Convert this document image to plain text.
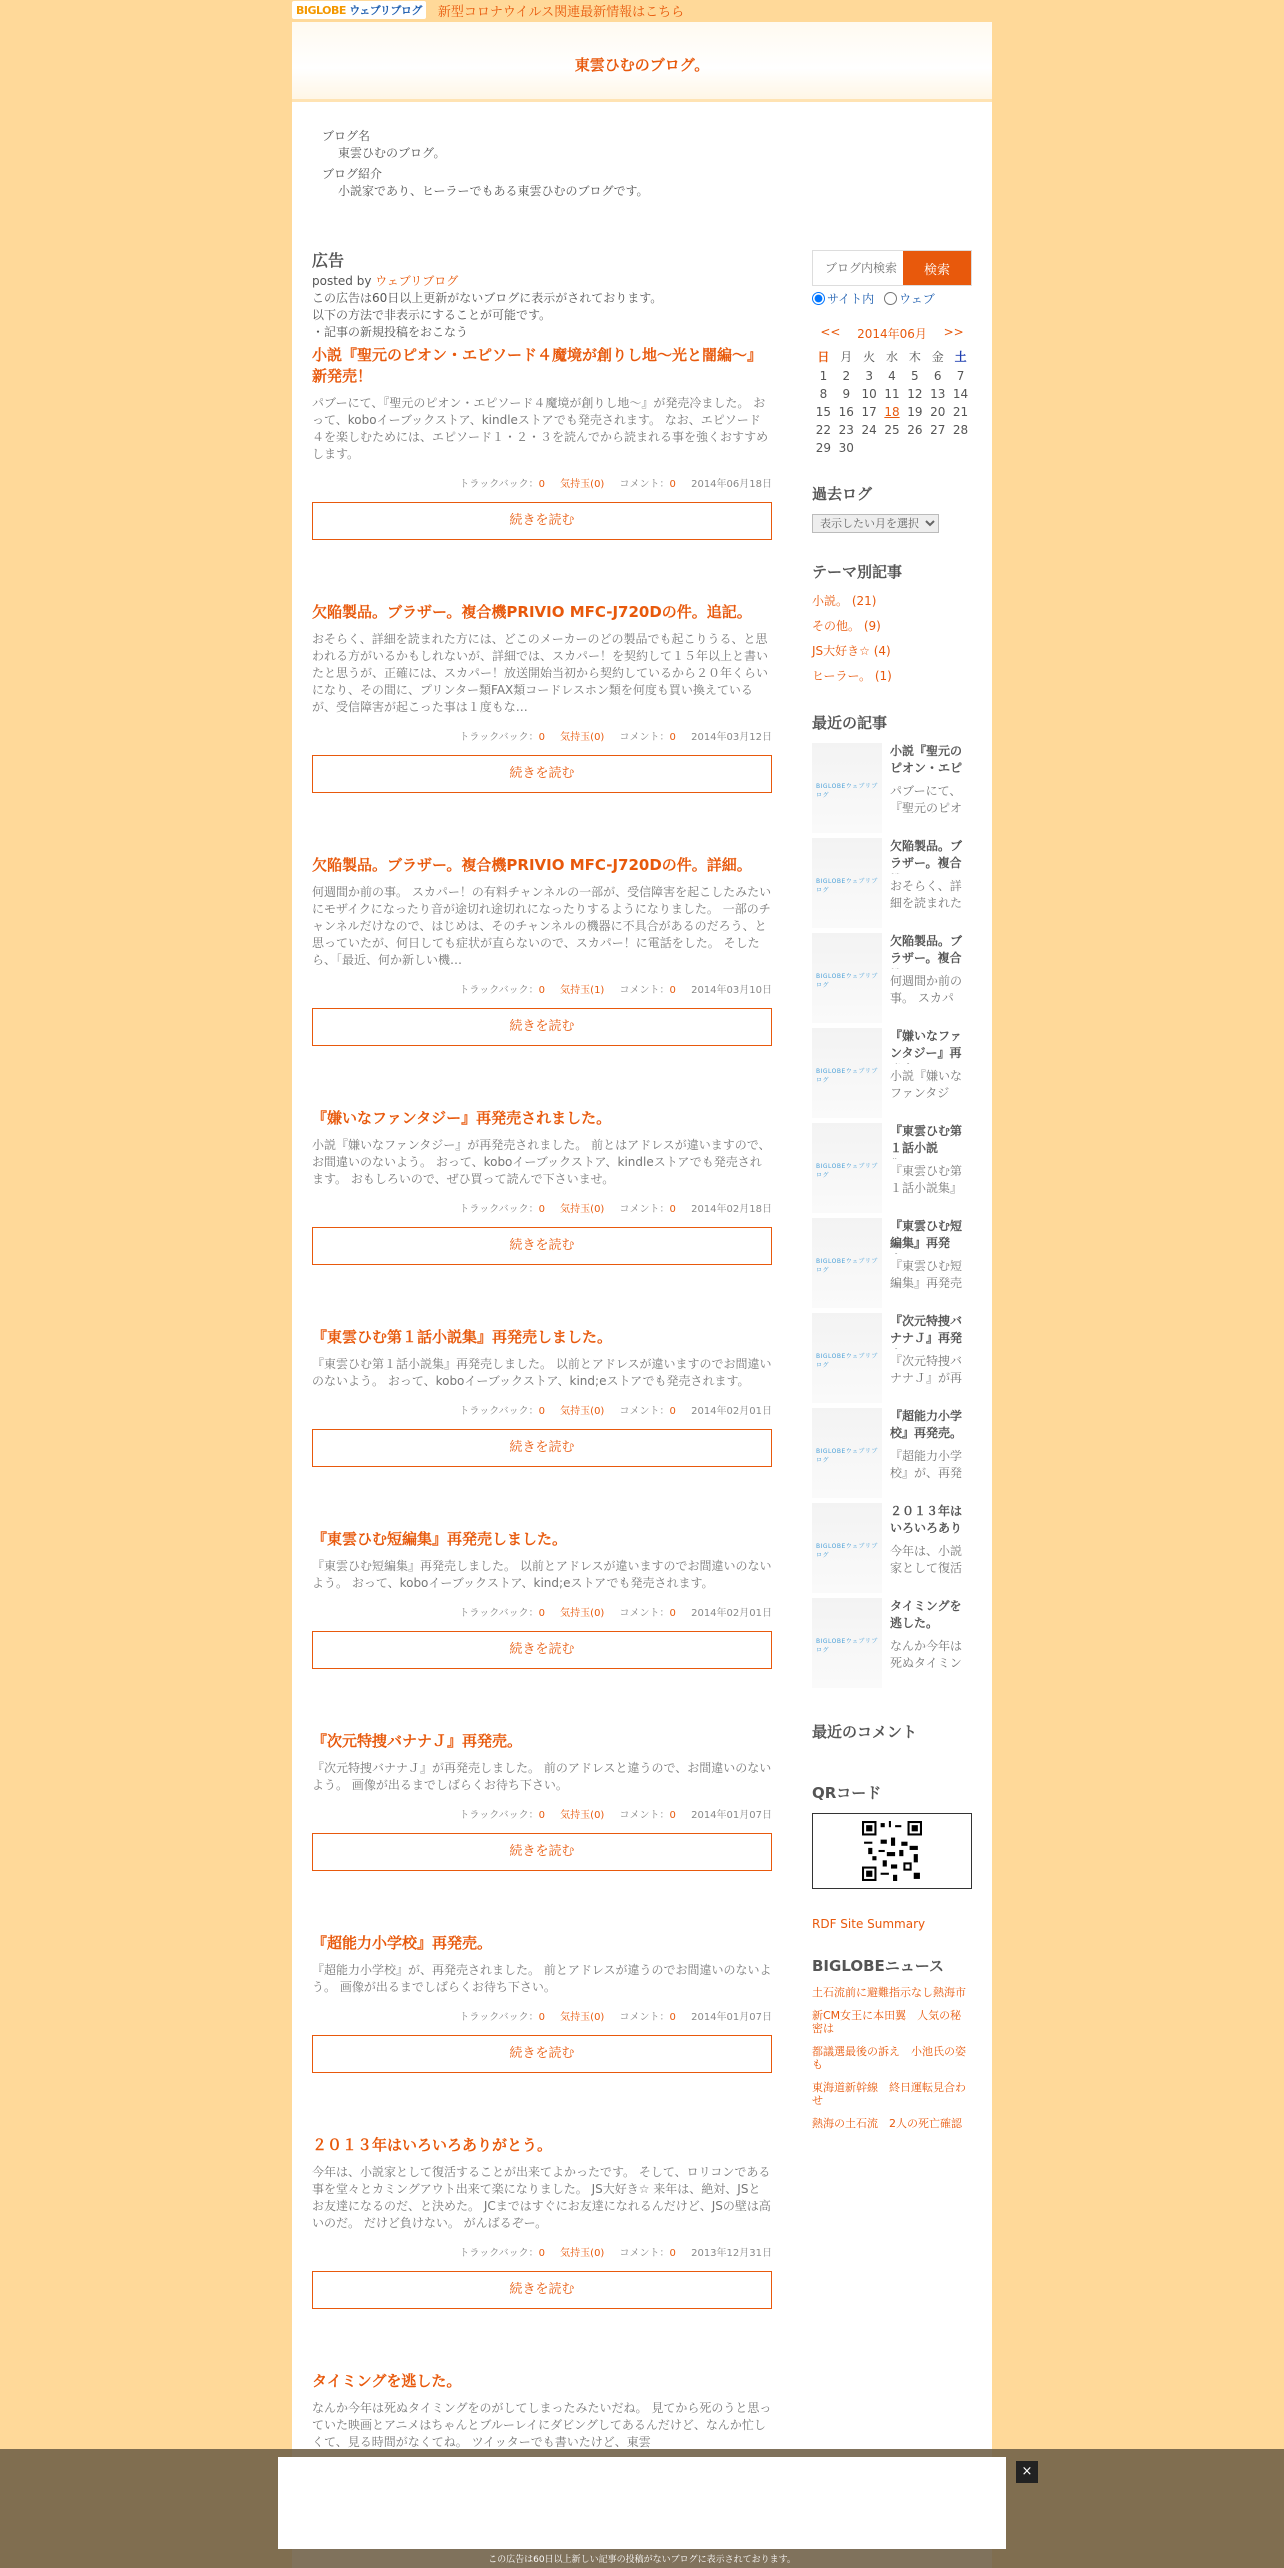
BIGLOBE ウェブリブログ	新型コロナウイルス関連最新情報はこちら
東雲ひむのブログ。
ブログ名
東雲ひむのブログ。
ブログ紹介
小説家であり、ヒーラーでもある東雲ひむのブログです。
広告
posted by ウェブリブログ
この広告は60日以上更新がないブログに表示がされております。
以下の方法で非表示にすることが可能です。
・記事の新規投稿をおこなう
小説『聖元のピオン・エピソード４魔境が創りし地～光と闇編～』新発売！
パブーにて、『聖元のピオン・エピソード４魔境が創りし地～』が発売冷ました。 おって、koboイーブックストア、kindleストアでも発売されます。 なお、エピソード４を楽しむためには、エピソード１・２・３を読んでから読まれる事を強くおすすめします。
トラックバック：0 気持玉(0) コメント：0 2014年06月18日
続きを読む
欠陥製品。ブラザー。複合機PRIVIO MFC-J720Dの件。追記。
おそらく、詳細を読まれた方には、どこのメーカーのどの製品でも起こりうる、と思われる方がいるかもしれないが、詳細では、スカパー！を契約して１５年以上と書いたと思うが、正確には、スカパー！放送開始当初から契約しているから２０年くらいになり、その間に、プリンター類FAX類コードレスホン類を何度も買い換えているが、受信障害が起こった事は１度もな…
トラックバック：0 気持玉(0) コメント：0 2014年03月12日
続きを読む
欠陥製品。ブラザー。複合機PRIVIO MFC-J720Dの件。詳細。
何週間か前の事。 スカパー！の有料チャンネルの一部が、受信障害を起こしたみたいにモザイクになったり音が途切れ途切れになったりするようになりました。 一部のチャンネルだけなので、はじめは、そのチャンネルの機器に不具合があるのだろう、と思っていたが、何日しても症状が直らないので、スカパー！に電話をした。 そしたら、「最近、何か新しい機…
トラックバック：0 気持玉(1) コメント：0 2014年03月10日
続きを読む
『嫌いなファンタジー』再発売されました。
小説『嫌いなファンタジー』が再発売されました。 前とはアドレスが違いますので、お間違いのないよう。 おって、koboイーブックストア、kindleストアでも発売されます。 おもしろいので、ぜひ買って読んで下さいませ。
トラックバック：0 気持玉(0) コメント：0 2014年02月18日
続きを読む
『東雲ひむ第１話小説集』再発売しました。
『東雲ひむ第１話小説集』再発売しました。 以前とアドレスが違いますのでお間違いのないよう。 おって、koboイーブックストア、kind;eストアでも発売されます。
トラックバック：0 気持玉(0) コメント：0 2014年02月01日
続きを読む
『東雲ひむ短編集』再発売しました。
『東雲ひむ短編集』再発売しました。 以前とアドレスが違いますのでお間違いのないよう。 おって、koboイーブックストア、kind;eストアでも発売されます。
トラックバック：0 気持玉(0) コメント：0 2014年02月01日
続きを読む
『次元特捜バナナＪ』再発売。
『次元特捜バナナＪ』が再発売しました。 前のアドレスと違うので、お間違いのないよう。 画像が出るまでしばらくお待ち下さい。
トラックバック：0 気持玉(0) コメント：0 2014年01月07日
続きを読む
『超能力小学校』再発売。
『超能力小学校』が、再発売されました。 前とアドレスが違うのでお間違いのないよう。 画像が出るまでしばらくお待ち下さい。
トラックバック：0 気持玉(0) コメント：0 2014年01月07日
続きを読む
２０１３年はいろいろありがとう。
今年は、小説家として復活することが出来てよかったです。 そして、ロリコンである事を堂々とカミングアウト出来て楽になりました。 JS大好き☆ 来年は、絶対、JSとお友達になるのだ、と決めた。 JCまではすぐにお友達になれるんだけど、JSの壁は高いのだ。 だけど負けない。 がんばるぞー。
トラックバック：0 気持玉(0) コメント：0 2013年12月31日
続きを読む
タイミングを逃した。
なんか今年は死ぬタイミングをのがしてしまったみたいだね。 見てから死のうと思っていた映画とアニメはちゃんとブルーレイにダビングしてあるんだけど、なんか忙しくて、見る時間がなくてね。 ツイッターでも書いたけど、東雲
ブログ内検索
検索
サイト内 ウェブ
<< 2014年06月 >>
日 月 火 水 木 金 土
1	2	3	4	5	6	7
8	9 10 11 12 13 14
15 16 17 18 19 20 21
22 23 24 25 26 27 28
29 30
過去ログ
表示したい月を選択
テーマ別記事
小説。 (21)
その他。 (9)
JS大好き☆ (4)
ヒーラー。 (1)
最近の記事
BIGLOBEウェブリブログ
小説『聖元のピオン・エピ
パブーにて、『聖元のピオ
BIGLOBEウェブリブログ
欠陥製品。ブラザー。複合
おそらく、詳細を読まれた
BIGLOBEウェブリブログ
欠陥製品。ブラザー。複合
何週間か前の事。 スカパ
BIGLOBEウェブリブログ
『嫌いなファンタジー』再
小説『嫌いなファンタジ
BIGLOBEウェブリブログ
『東雲ひむ第１話小説
『東雲ひむ第１話小説集』
BIGLOBEウェブリブログ
『東雲ひむ短編集』再発
『東雲ひむ短編集』再発売
BIGLOBEウェブリブログ
『次元特捜バナナＪ』再発
『次元特捜バナナＪ』が再
BIGLOBEウェブリブログ
『超能力小学校』再発売。
『超能力小学校』が、再発
BIGLOBEウェブリブログ
２０１３年はいろいろあり
今年は、小説家として復活
BIGLOBEウェブリブログ
タイミングを逃した。
なんか今年は死ぬタイミン
最近のコメント
QRコード
RDF Site Summary
BIGLOBEニュース
土石流前に避難指示なし熱海市
新CM女王に本田翼　人気の秘密は
都議選最後の訴え　小池氏の姿も
東海道新幹線　終日運転見合わせ
熱海の土石流　2人の死亡確認
×
この広告は60日以上新しい記事の投稿がないブログに表示されております。
